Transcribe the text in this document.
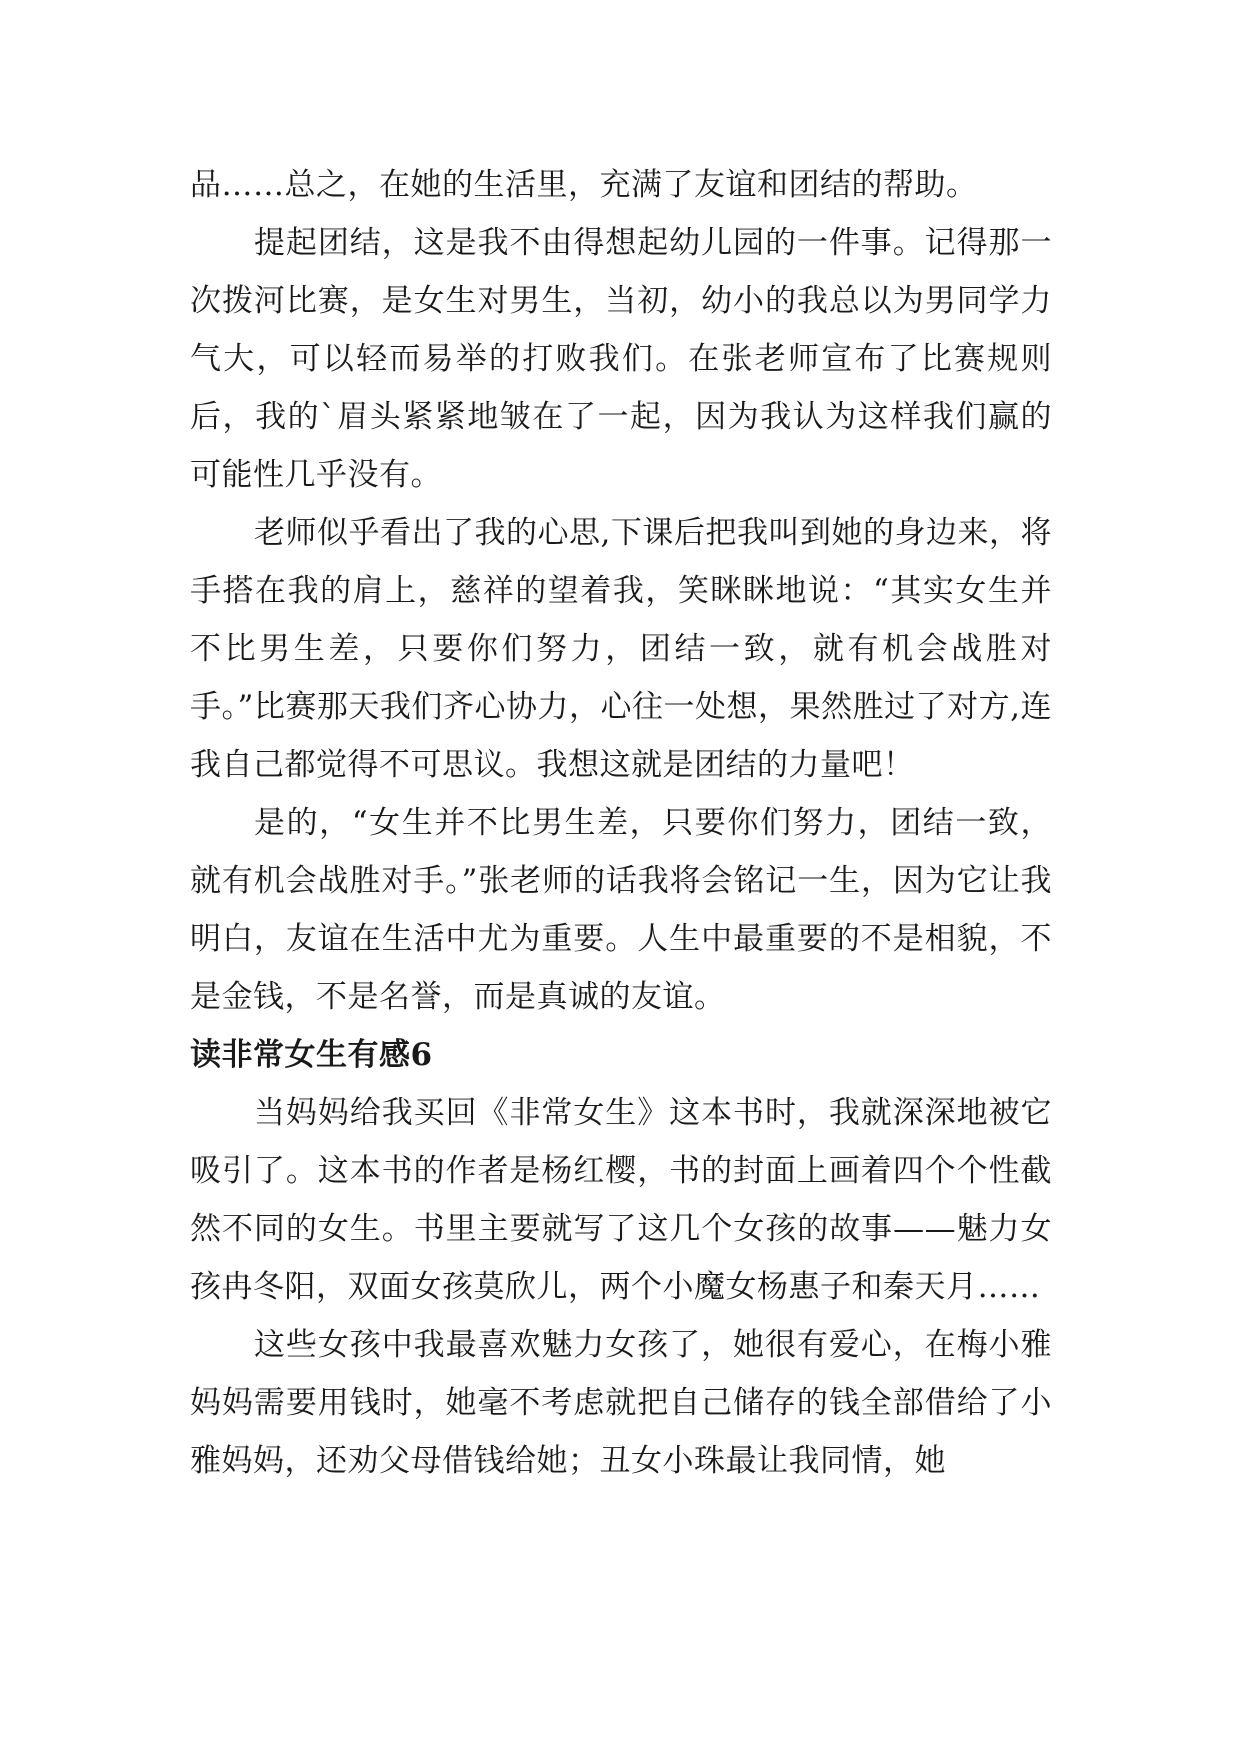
品……总之，在她的生活里，充满了友谊和团结的帮助。

提起团结，这是我不由得想起幼儿园的一件事。记得那一次拨河比赛，是女生对男生，当初，幼小的我总以为男同学力气大，可以轻而易举的打败我们。在张老师宣布了比赛规则后，我的`眉头紧紧地皱在了一起，因为我认为这样我们赢的可能性几乎没有。

老师似乎看出了我的心思,下课后把我叫到她的身边来，将手搭在我的肩上，慈祥的望着我，笑眯眯地说：“其实女生并不比男生差，只要你们努力，团结一致，就有机会战胜对手。”比赛那天我们齐心协力，心往一处想，果然胜过了对方,连我自己都觉得不可思议。我想这就是团结的力量吧！

是的，“女生并不比男生差，只要你们努力，团结一致，就有机会战胜对手。”张老师的话我将会铭记一生，因为它让我明白，友谊在生活中尤为重要。人生中最重要的不是相貌，不是金钱，不是名誉，而是真诚的友谊。

读非常女生有感6

当妈妈给我买回《非常女生》这本书时，我就深深地被它吸引了。这本书的作者是杨红樱，书的封面上画着四个个性截然不同的女生。书里主要就写了这几个女孩的故事——魅力女孩冉冬阳，双面女孩莫欣儿，两个小魔女杨惠子和秦天月……

这些女孩中我最喜欢魅力女孩了，她很有爱心，在梅小雅妈妈需要用钱时，她毫不考虑就把自己储存的钱全部借给了小雅妈妈，还劝父母借钱给她；丑女小珠最让我同情，她
